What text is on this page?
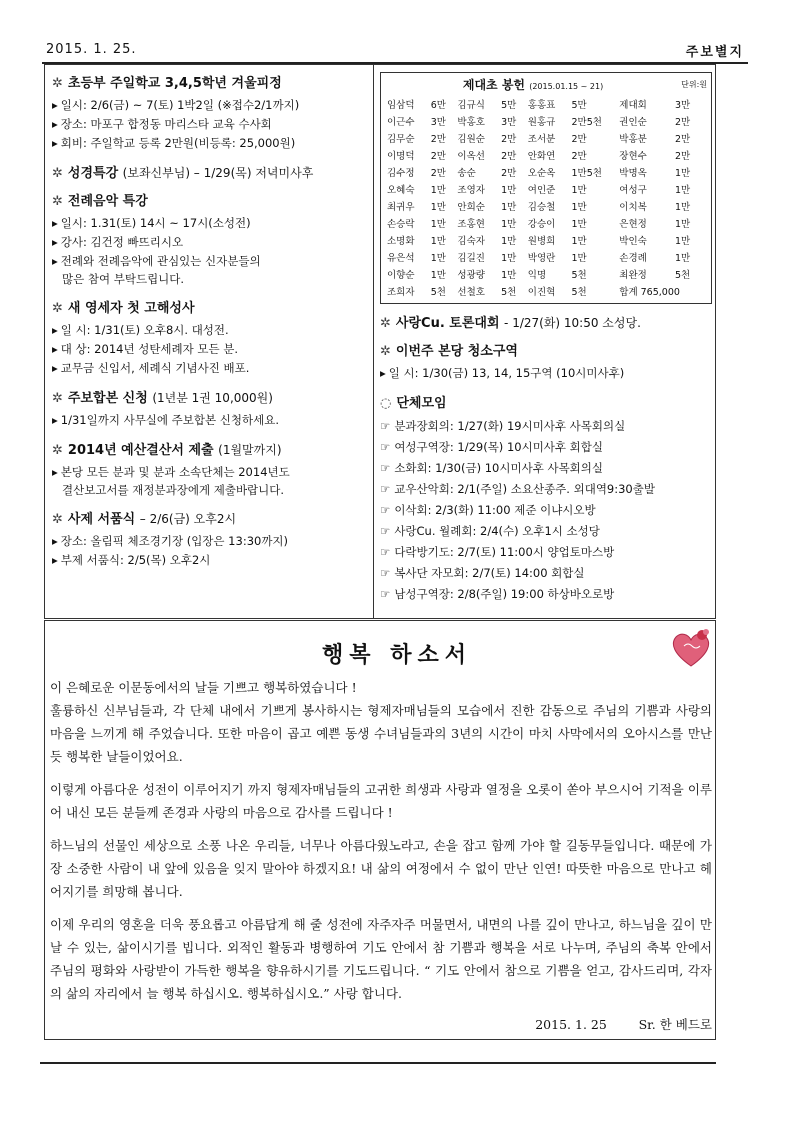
2015. 1. 25.	주보별지
✲ 초등부 주일학교 3,4,5학년 겨울피정
▸ 일시: 2/6(금) ~ 7(토) 1박2일 (※접수2/1까지)
▸ 장소: 마포구 합정동 마리스타 교육 수사회
▸ 회비: 주일학교 등록 2만원(비등록: 25,000원)
✲ 성경특강 (보좌신부님) – 1/29(목) 저녁미사후
✲ 전례음악 특강
▸ 일시: 1.31(토) 14시 ~ 17시(소성전)
▸ 강사: 김건정 빠뜨리시오
▸ 전례와 전례음악에 관심있는 신자분들의
많은 참여 부탁드립니다.
✲ 새 영세자 첫 고해성사
▸ 일 시: 1/31(토) 오후8시. 대성전.
▸ 대 상: 2014년 성탄세례자 모든 분.
▸ 교무금 신입서, 세례식 기념사진 배포.
✲ 주보합본 신청 (1년분 1권 10,000원)
▸ 1/31일까지 사무실에 주보합본 신청하세요.
✲ 2014년 예산결산서 제출 (1월말까지)
▸ 본당 모든 분과 및 분과 소속단체는 2014년도
결산보고서를 재정분과장에게 제출바랍니다.
✲ 사제 서품식 – 2/6(금) 오후2시
▸ 장소: 올림픽 체조경기장 (입장은 13:30까지)
▸ 부제 서품식: 2/5(목) 오후2시
제대초 봉헌 (2015.01.15 ~ 21)	단위:원
임삼덕	6만	김규식	5만	홍홍표	5만	제대회	3만
이근수	3만	박홍호	3만	원홍규	2만5천	권인순	2만
김무순	2만	김원순	2만	조서분	2만	박홍분	2만
이명덕	2만	이옥선	2만	안화연	2만	장현수	2만
김수정	2만	송순	2만	오순옥	1만5천	박명옥	1만
오혜숙	1만	조영자	1만	여인준	1만	여성구	1만
최귀우	1만	안희순	1만	김승철	1만	이치복	1만
손승락	1만	조홍현	1만	강승이	1만	은현정	1만
소명화	1만	김숙자	1만	원병희	1만	박인숙	1만
유은석	1만	김길진	1만	박영란	1만	손경례	1만
이향순	1만	성광량	1만	익명	5천	최완정	5천
조희자	5천	선철호	5천	이진혁	5천	합계 765,000	
✲ 사랑Cu. 토론대회 - 1/27(화) 10:50 소성당.
✲ 이번주 본당 청소구역
▸ 일 시: 1/30(금) 13, 14, 15구역 (10시미사후)
◌ 단체모임
☞ 분과장회의: 1/27(화) 19시미사후 사목회의실
☞ 여성구역장: 1/29(목) 10시미사후 회합실
☞ 소화회: 1/30(금) 10시미사후 사목회의실
☞ 교우산악회: 2/1(주일) 소요산종주. 외대역9:30출발
☞ 이삭회: 2/3(화) 11:00 제준 이냐시오방
☞ 사랑Cu. 월례회: 2/4(수) 오후1시 소성당
☞ 다락방기도: 2/7(토) 11:00시 양업토마스방
☞ 복사단 자모회: 2/7(토) 14:00 회합실
☞ 남성구역장: 2/8(주일) 19:00 하상바오로방
행복 하소서

이 은혜로운 이문동에서의 날들 기쁘고 행복하였습니다 !

훌륭하신 신부님들과, 각 단체 내에서 기쁘게 봉사하시는 형제자매님들의 모습에서 진한 감동으로 주님의 기쁨과 사랑의 마음을 느끼게 해 주었습니다. 또한 마음이 곱고 예쁜 동생 수녀님들과의 3년의 시간이 마치 사막에서의 오아시스를 만난 듯 행복한 날들이었어요.

이렇게 아름다운 성전이 이루어지기 까지 형제자매님들의 고귀한 희생과 사랑과 열정을 오롯이 쏟아 부으시어 기적을 이루어 내신 모든 분들께 존경과 사랑의 마음으로 감사를 드립니다 !

하느님의 선물인 세상으로 소풍 나온 우리들, 너무나 아름다웠노라고, 손을 잡고 함께 가야 할 길동무들입니다. 때문에 가장 소중한 사람이 내 앞에 있음을 잊지 말아야 하겠지요! 내 삶의 여정에서 수 없이 만난 인연! 따뜻한 마음으로 만나고 헤어지기를 희망해 봅니다.

이제 우리의 영혼을 더욱 풍요롭고 아름답게 해 줄 성전에 자주자주 머물면서, 내면의 나를 깊이 만나고, 하느님을 깊이 만날 수 있는, 삶이시기를 빕니다. 외적인 활동과 병행하여 기도 안에서 참 기쁨과 행복을 서로 나누며, 주님의 축복 안에서 주님의 평화와 사랑받이 가득한 행복을 향유하시기를 기도드립니다. “ 기도 안에서 참으로 기쁨을 얻고, 감사드리며, 각자의 삶의 자리에서 늘 행복 하십시오. 행복하십시오.” 사랑 합니다.

2015. 1. 25	Sr. 한 베드로
